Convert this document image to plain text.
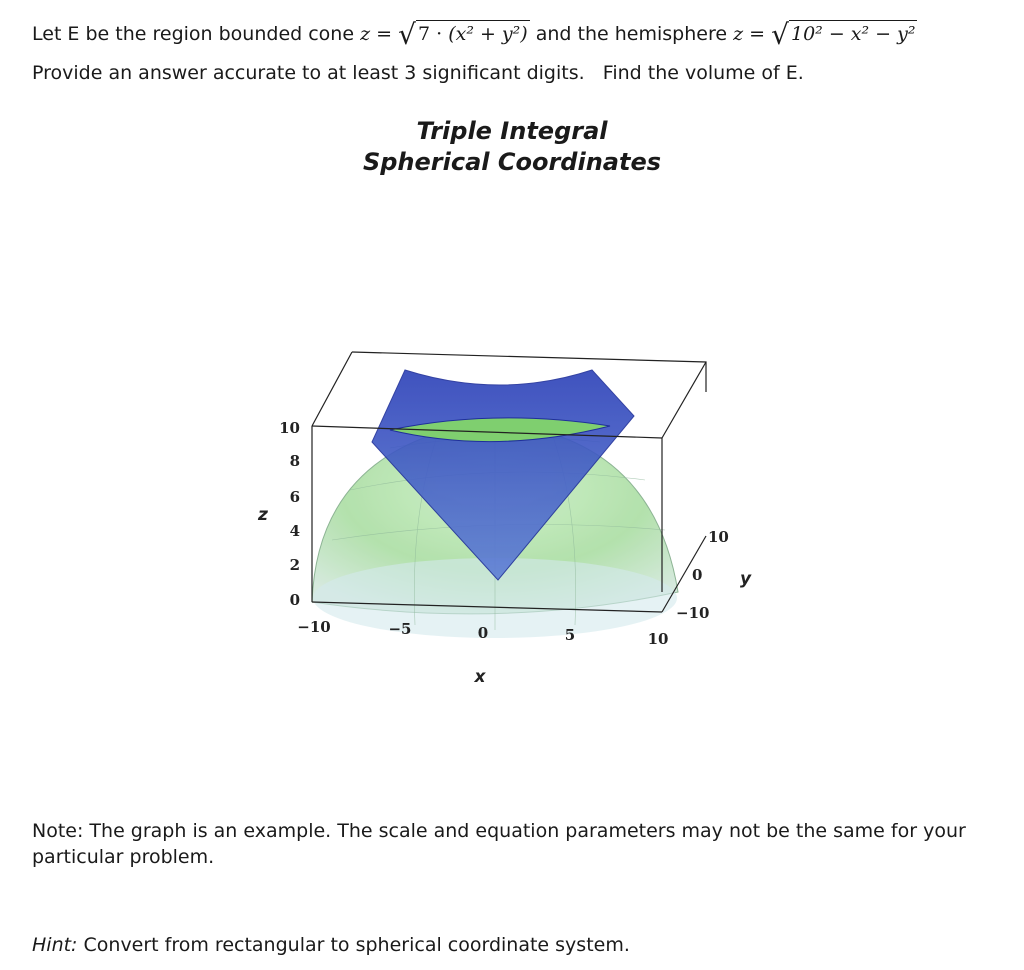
Let E be the region bounded cone z = √ 7 · (x² + y²) and the hemisphere z = √ 10² − x² − y²
Provide an answer accurate to at least 3 significant digits. Find the volume of E.
Triple Integral
Spherical Coordinates
10
8
6
4
2
0
z
−10	−5	0	5	10
x
10
0
−10
y
Note: The graph is an example. The scale and equation parameters may not be the same for your particular problem.
Hint: Convert from rectangular to spherical coordinate system.
